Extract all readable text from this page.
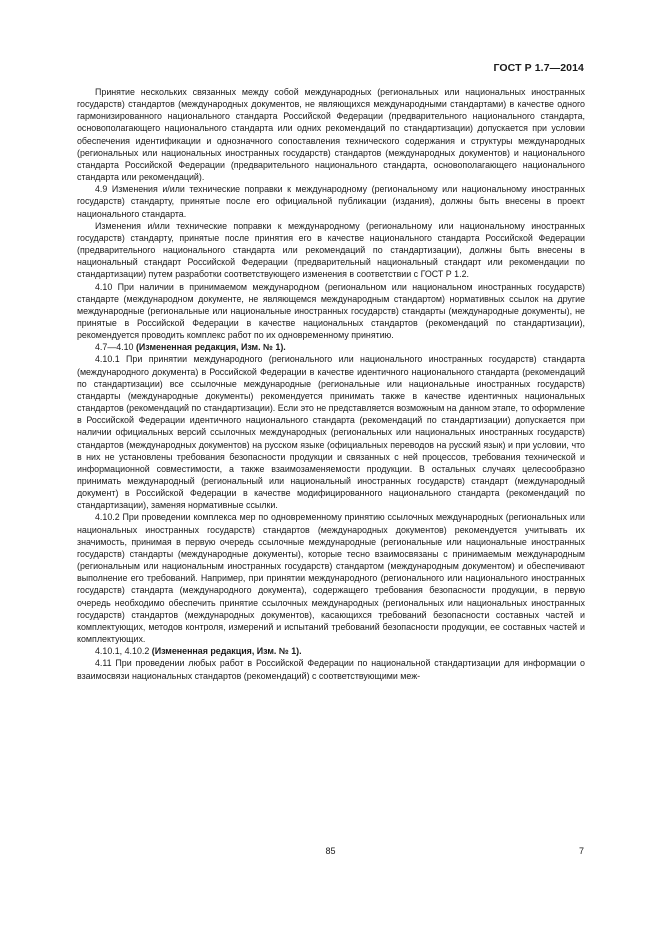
ГОСТ Р 1.7—2014

Принятие нескольких связанных между собой международных (региональных или национальных иностранных государств) стандартов (международных документов, не являющихся международными стандартами) в качестве одного гармонизированного национального стандарта Российской Федерации (предварительного национального стандарта, основополагающего национального стандарта или одних рекомендаций по стандартизации) допускается при условии обеспечения идентификации и однозначного сопоставления технического содержания и структуры международных (региональных или национальных иностранных государств) стандартов (международных документов) и национального стандарта Российской Федерации (предварительного национального стандарта, основополагающего национального стандарта или рекомендаций).

4.9 Изменения и/или технические поправки к международному (региональному или национальному иностранных государств) стандарту, принятые после его официальной публикации (издания), должны быть внесены в проект национального стандарта.

Изменения и/или технические поправки к международному (региональному или национальному иностранных государств) стандарту, принятые после принятия его в качестве национального стандарта Российской Федерации (предварительного национального стандарта или рекомендаций по стандартизации), должны быть внесены в национальный стандарт Российской Федерации (предварительный национальный стандарт или рекомендации по стандартизации) путем разработки соответствующего изменения в соответствии с ГОСТ Р 1.2.

4.10 При наличии в принимаемом международном (региональном или национальном иностранных государств) стандарте (международном документе, не являющемся международным стандартом) нормативных ссылок на другие международные (региональные или национальные иностранных государств) стандарты (международные документы), не принятые в Российской Федерации в качестве национальных стандартов (рекомендаций по стандартизации), рекомендуется проводить комплекс работ по их одновременному принятию.

4.7—4.10 (Измененная редакция, Изм. № 1).

4.10.1 При принятии международного (регионального или национального иностранных государств) стандарта (международного документа) в Российской Федерации в качестве идентичного национального стандарта (рекомендаций по стандартизации) все ссылочные международные (региональные или национальные иностранных государств) стандарты (международные документы) рекомендуется принимать также в качестве идентичных национальных стандартов (рекомендаций по стандартизации). Если это не представляется возможным на данном этапе, то оформление в Российской Федерации идентичного национального стандарта (рекомендаций по стандартизации) допускается при наличии официальных версий ссылочных международных (региональных или национальных иностранных государств) стандартов (международных документов) на русском языке (официальных переводов на русский язык) и при условии, что в них не установлены требования безопасности продукции и связанных с ней процессов, требования технической и информационной совместимости, а также взаимозаменяемости продукции. В остальных случаях целесообразно принимать международный (региональный или национальный иностранных государств) стандарт (международный документ) в Российской Федерации в качестве модифицированного национального стандарта (рекомендаций по стандартизации), заменяя нормативные ссылки.

4.10.2 При проведении комплекса мер по одновременному принятию ссылочных международных (региональных или национальных иностранных государств) стандартов (международных документов) рекомендуется учитывать их значимость, принимая в первую очередь ссылочные международные (региональные или национальные иностранных государств) стандарты (международные документы), которые тесно взаимосвязаны с принимаемым международным (региональным или национальным иностранных государств) стандартом (международным документом) и обеспечивают выполнение его требований. Например, при принятии международного (регионального или национального иностранных государств) стандарта (международного документа), содержащего требования безопасности продукции, в первую очередь необходимо обеспечить принятие ссылочных международных (региональных или национальных иностранных государств) стандартов (международных документов), касающихся требований безопасности составных частей и комплектующих, методов контроля, измерений и испытаний требований безопасности продукции, ее составных частей и комплектующих.

4.10.1, 4.10.2 (Измененная редакция, Изм. № 1).

4.11 При проведении любых работ в Российской Федерации по национальной стандартизации для информации о взаимосвязи национальных стандартов (рекомендаций) с соответствующими меж-

85	7
